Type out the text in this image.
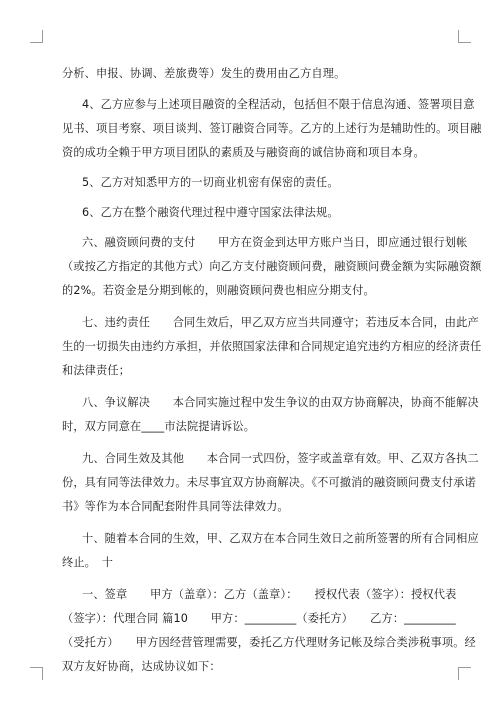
分析、申报、协调、差旅费等）发生的费用由乙方自理。
4、乙方应参与上述项目融资的全程活动，包括但不限于信息沟通、签署项目意
见书、项目考察、项目谈判、签订融资合同等。乙方的上述行为是辅助性的。项目融
资的成功全赖于甲方项目团队的素质及与融资商的诚信协商和项目本身。
5、乙方对知悉甲方的一切商业机密有保密的责任。
6、乙方在整个融资代理过程中遵守国家法律法规。
六、融资顾问费的支付　　甲方在资金到达甲方账户当日，即应通过银行划帐
（或按乙方指定的其他方式）向乙方支付融资顾问费，融资顾问费金额为实际融资额
的2%。若资金是分期到帐的，则融资顾问费也相应分期支付。
七、违约责任　　合同生效后，甲乙双方应当共同遵守；若违反本合同，由此产
生的一切损失由违约方承担，并依照国家法律和合同规定追究违约方相应的经济责任
和法律责任；
八、争议解决　　本合同实施过程中发生争议的由双方协商解决，协商不能解决
时，双方同意在____市法院提请诉讼。
九、合同生效及其他　　本合同一式四份，签字或盖章有效。甲、乙双方各执二
份，具有同等法律效力。未尽事宜双方协商解决。《不可撤消的融资顾问费支付承诺
书》等作为本合同配套附件具同等法律效力。
十、随着本合同的生效，甲、乙双方在本合同生效日之前所签署的所有合同相应
终止。　十
一、签章　　甲方（盖章）：乙方（盖章）：　　授权代表（签字）：授权代表
（签字）：代理合同 篇10　　甲方：_________（委托方）　　乙方：_________
（受托方）　　甲方因经营管理需要，委托乙方代理财务记帐及综合类涉税事项。经
双方友好协商，达成协议如下：
